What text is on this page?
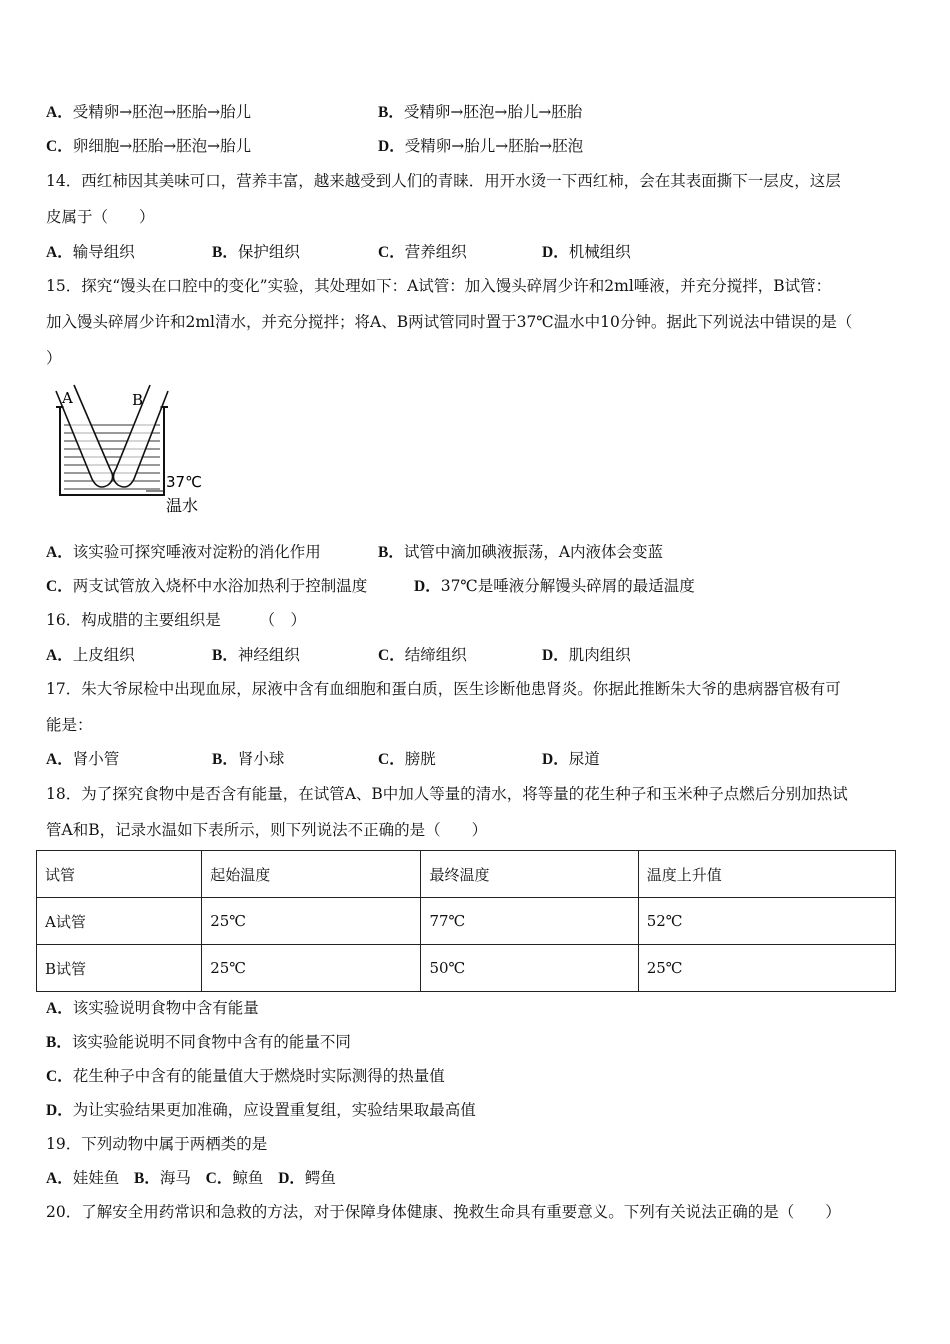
A．受精卵→胚泡→胚胎→胎儿	B．受精卵→胚泡→胎儿→胚胎
C．卵细胞→胚胎→胚泡→胎儿	D．受精卵→胎儿→胚胎→胚泡
14．西红柿因其美味可口，营养丰富，越来越受到人们的青睐．用开水烫一下西红柿，会在其表面撕下一层皮，这层
皮属于（　　）
A．输导组织	B．保护组织	C．营养组织	D．机械组织
15．探究“馒头在口腔中的变化”实验，其处理如下：A试管：加入馒头碎屑少许和2ml唾液，并充分搅拌，B试管：
加入馒头碎屑少许和2ml清水，并充分搅拌；将A、B两试管同时置于37℃温水中10分钟。据此下列说法中错误的是（
）
A	B
37℃
温水
A．该实验可探究唾液对淀粉的消化作用	B．试管中滴加碘液振荡，A内液体会变蓝
C．两支试管放入烧杯中水浴加热利于控制温度	D．37℃是唾液分解馒头碎屑的最适温度
16．构成腊的主要组织是　　　（　）
A．上皮组织	B．神经组织	C．结缔组织	D．肌肉组织
17．朱大爷尿检中出现血尿，尿液中含有血细胞和蛋白质，医生诊断他患肾炎。你据此推断朱大爷的患病器官极有可
能是：
A．肾小管	B．肾小球	C．膀胱	D．尿道
18．为了探究食物中是否含有能量，在试管A、B中加人等量的清水，将等量的花生种子和玉米种子点燃后分别加热试
管A和B，记录水温如下表所示，则下列说法不正确的是（　　）
试管	起始温度	最终温度	温度上升值
A试管	25℃	77℃	52℃
B试管	25℃	50℃	25℃
A．该实验说明食物中含有能量
B．该实验能说明不同食物中含有的能量不同
C．花生种子中含有的能量值大于燃烧时实际测得的热量值
D．为让实验结果更加准确，应设置重复组，实验结果取最高值
19．下列动物中属于两栖类的是
A．娃娃鱼 B．海马 C．鲸鱼 D．鳄鱼
20．了解安全用药常识和急救的方法，对于保障身体健康、挽救生命具有重要意义。下列有关说法正确的是（　　）
